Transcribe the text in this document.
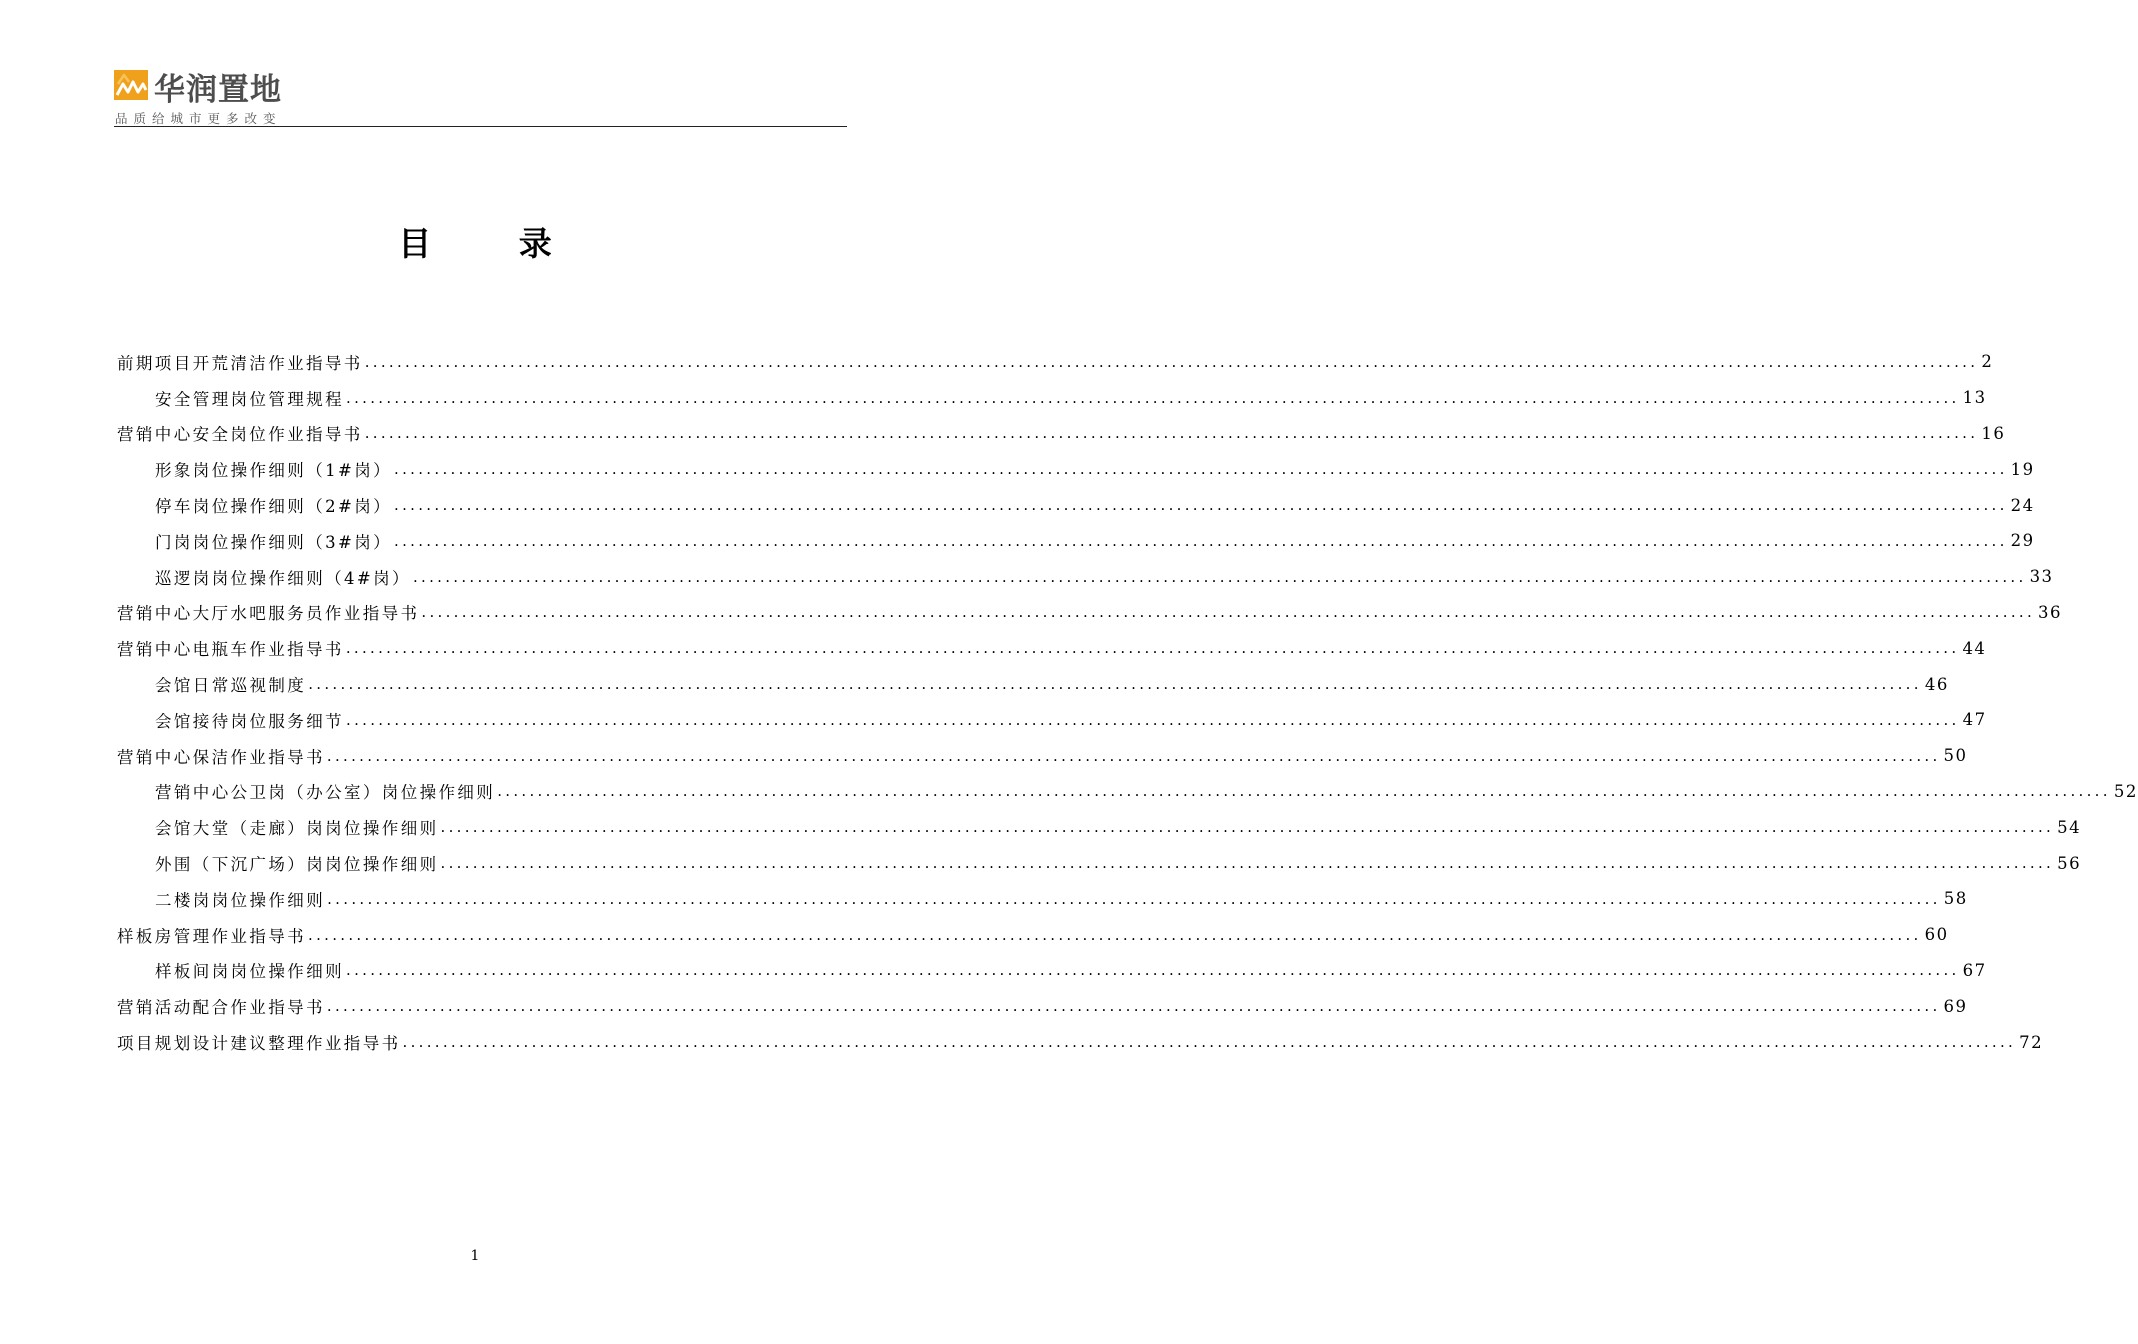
华润置地
品质给城市更多改变
目 录
前期项目开荒清洁作业指导书 ........................................................................................................................................................................................................ 2
安全管理岗位管理规程 ........................................................................................................................................................................................................ 13
营销中心安全岗位作业指导书 ........................................................................................................................................................................................................ 16
形象岗位操作细则（1#岗） ........................................................................................................................................................................................................ 19
停车岗位操作细则（2#岗） ........................................................................................................................................................................................................ 24
门岗岗位操作细则（3#岗） ........................................................................................................................................................................................................ 29
巡逻岗岗位操作细则（4#岗） ........................................................................................................................................................................................................ 33
营销中心大厅水吧服务员作业指导书 ........................................................................................................................................................................................................ 36
营销中心电瓶车作业指导书 ........................................................................................................................................................................................................ 44
会馆日常巡视制度 ........................................................................................................................................................................................................ 46
会馆接待岗位服务细节 ........................................................................................................................................................................................................ 47
营销中心保洁作业指导书 ........................................................................................................................................................................................................ 50
营销中心公卫岗（办公室）岗位操作细则 ........................................................................................................................................................................................................ 52
会馆大堂（走廊）岗岗位操作细则 ........................................................................................................................................................................................................ 54
外围（下沉广场）岗岗位操作细则 ........................................................................................................................................................................................................ 56
二楼岗岗位操作细则 ........................................................................................................................................................................................................ 58
样板房管理作业指导书 ........................................................................................................................................................................................................ 60
样板间岗岗位操作细则 ........................................................................................................................................................................................................ 67
营销活动配合作业指导书 ........................................................................................................................................................................................................ 69
项目规划设计建议整理作业指导书 ........................................................................................................................................................................................................ 72
1
